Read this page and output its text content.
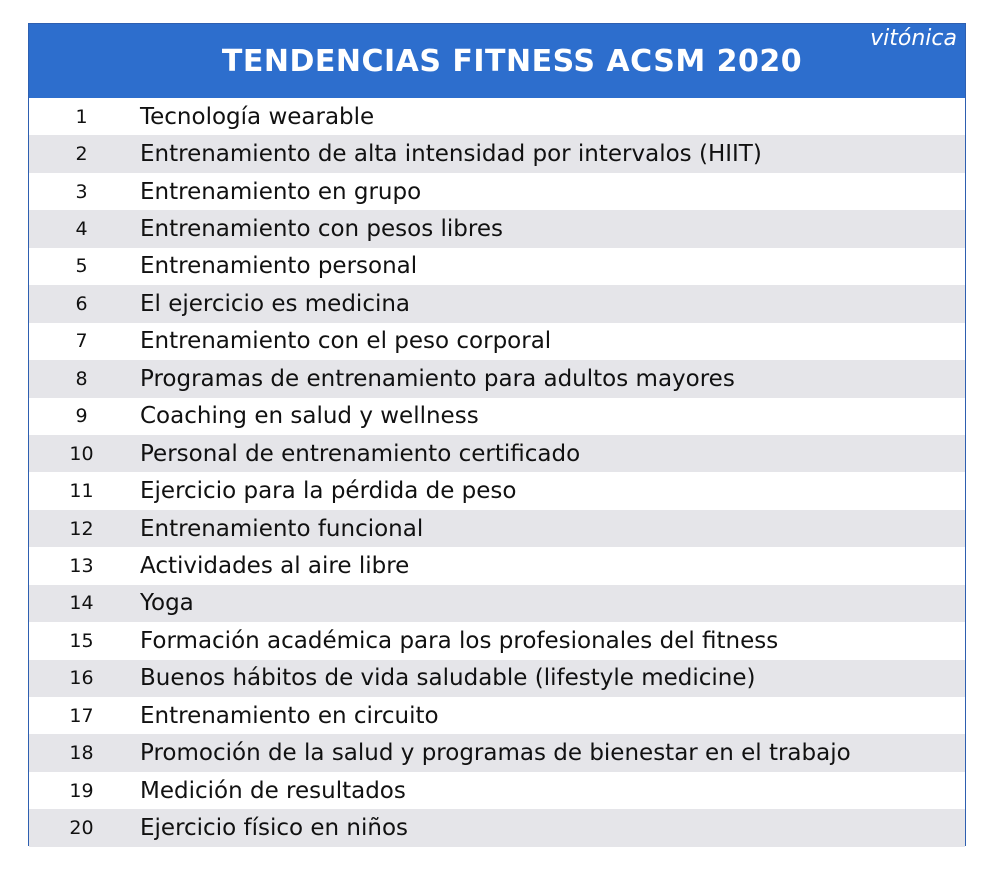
TENDENCIAS FITNESS ACSM 2020
vitónica
1	Tecnología wearable
2	Entrenamiento de alta intensidad por intervalos (HIIT)
3	Entrenamiento en grupo
4	Entrenamiento con pesos libres
5	Entrenamiento personal
6	El ejercicio es medicina
7	Entrenamiento con el peso corporal
8	Programas de entrenamiento para adultos mayores
9	Coaching en salud y wellness
10	Personal de entrenamiento certificado
11	Ejercicio para la pérdida de peso
12	Entrenamiento funcional
13	Actividades al aire libre
14	Yoga
15	Formación académica para los profesionales del fitness
16	Buenos hábitos de vida saludable (lifestyle medicine)
17	Entrenamiento en circuito
18	Promoción de la salud y programas de bienestar en el trabajo
19	Medición de resultados
20	Ejercicio físico en niños
